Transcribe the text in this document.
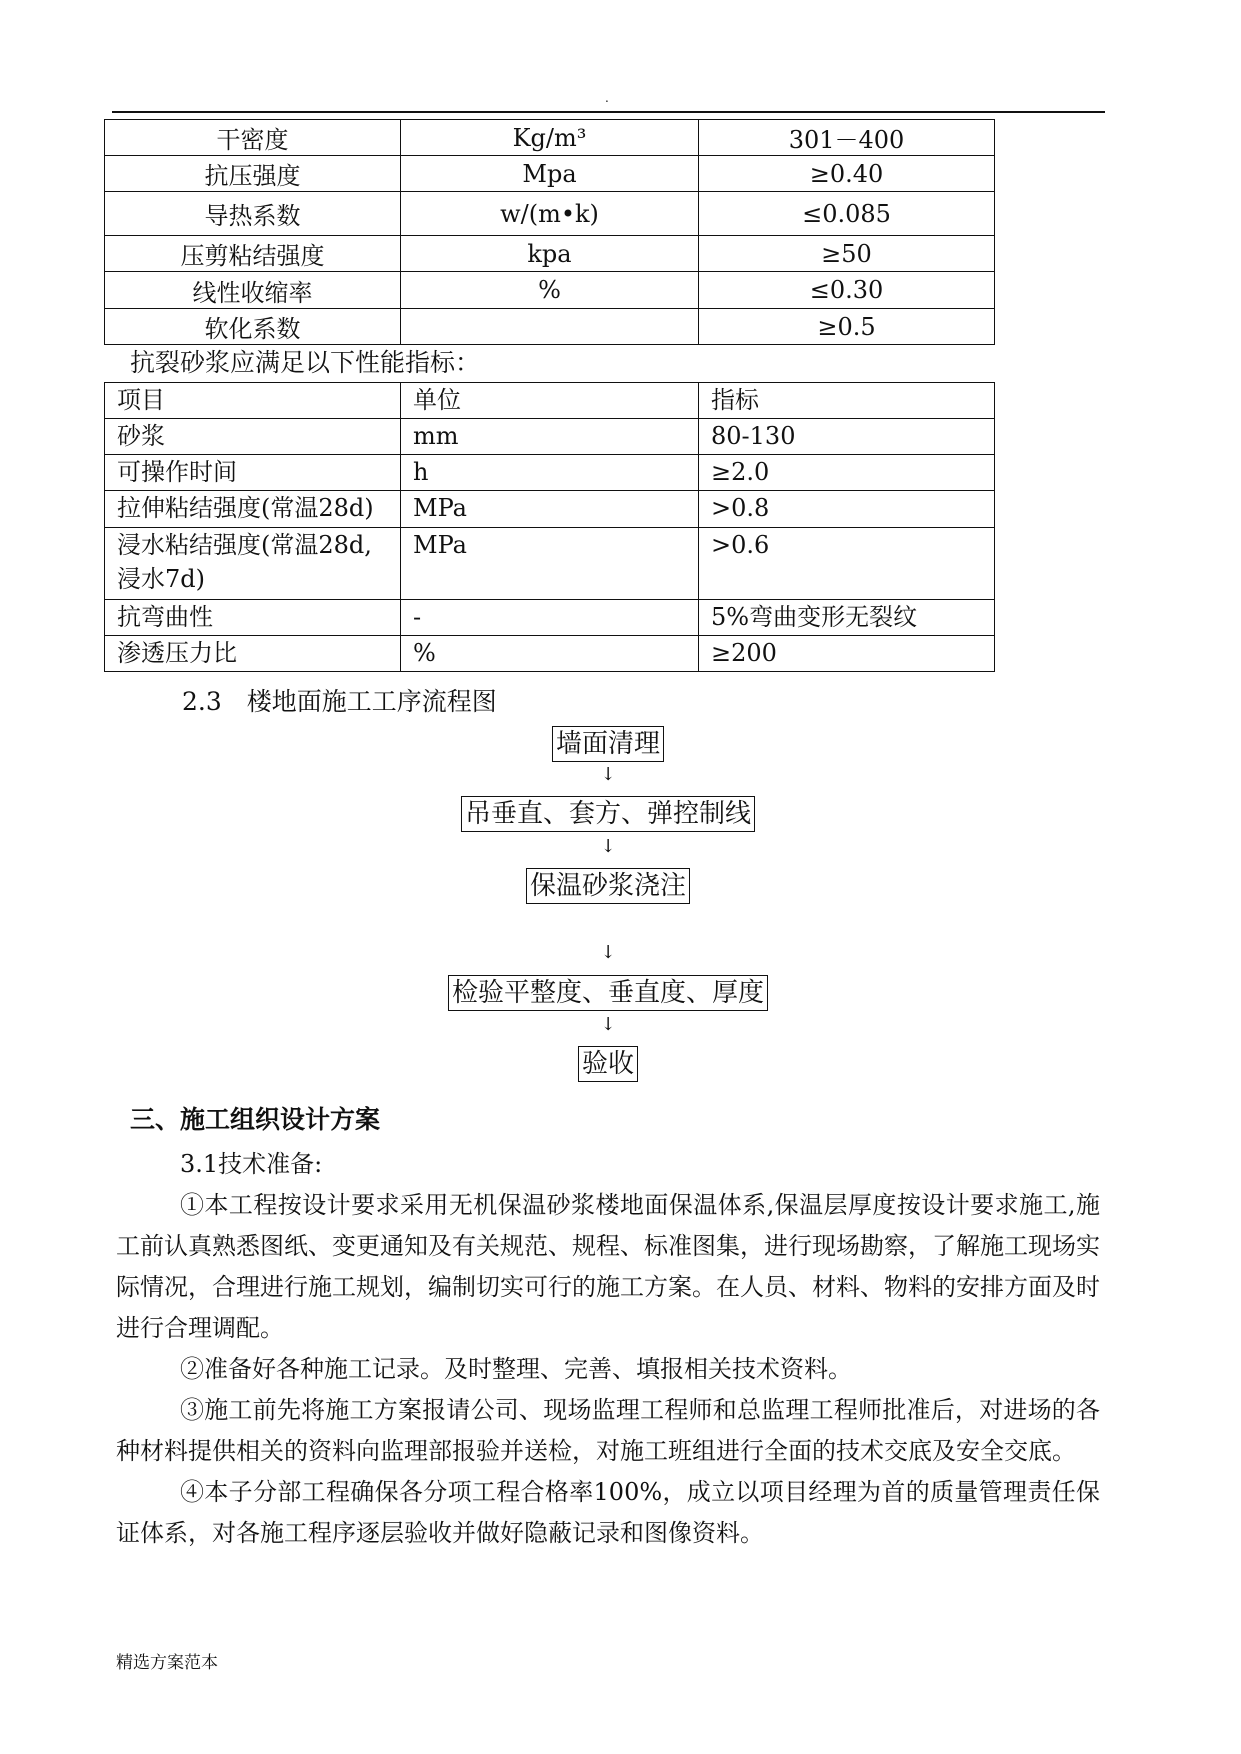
.
干密度	Kg/m³	301－400
抗压强度	Mpa	≥0.40
导热系数	w/(m•k)	≤0.085
压剪粘结强度	kpa	≥50
线性收缩率	%	≤0.30
软化系数		≥0.5
抗裂砂浆应满足以下性能指标：
项目	单位	指标
砂浆	mm	80-130
可操作时间	h	≥2.0
拉伸粘结强度(常温28d)	MPa	>0.8

浸水粘结强度(常温28d,
浸水7d)	MPa	>0.6
抗弯曲性	-	5%弯曲变形无裂纹
渗透压力比	%	≥200
2.3　楼地面施工工序流程图
墙面清理
↓
吊垂直、套方、弹控制线
↓
保温砂浆浇注
↓
检验平整度、垂直度、厚度
↓
验收
三、施工组织设计方案

3.1技术准备:

①本工程按设计要求采用无机保温砂浆楼地面保温体系,保温层厚度按设计要求施工,施工前认真熟悉图纸、变更通知及有关规范、规程、标准图集，进行现场勘察，了解施工现场实际情况，合理进行施工规划，编制切实可行的施工方案。在人员、材料、物料的安排方面及时进行合理调配。

②准备好各种施工记录。及时整理、完善、填报相关技术资料。

③施工前先将施工方案报请公司、现场监理工程师和总监理工程师批准后，对进场的各种材料提供相关的资料向监理部报验并送检，对施工班组进行全面的技术交底及安全交底。

④本子分部工程确保各分项工程合格率100%，成立以项目经理为首的质量管理责任保证体系，对各施工程序逐层验收并做好隐蔽记录和图像资料。

精选方案范本
